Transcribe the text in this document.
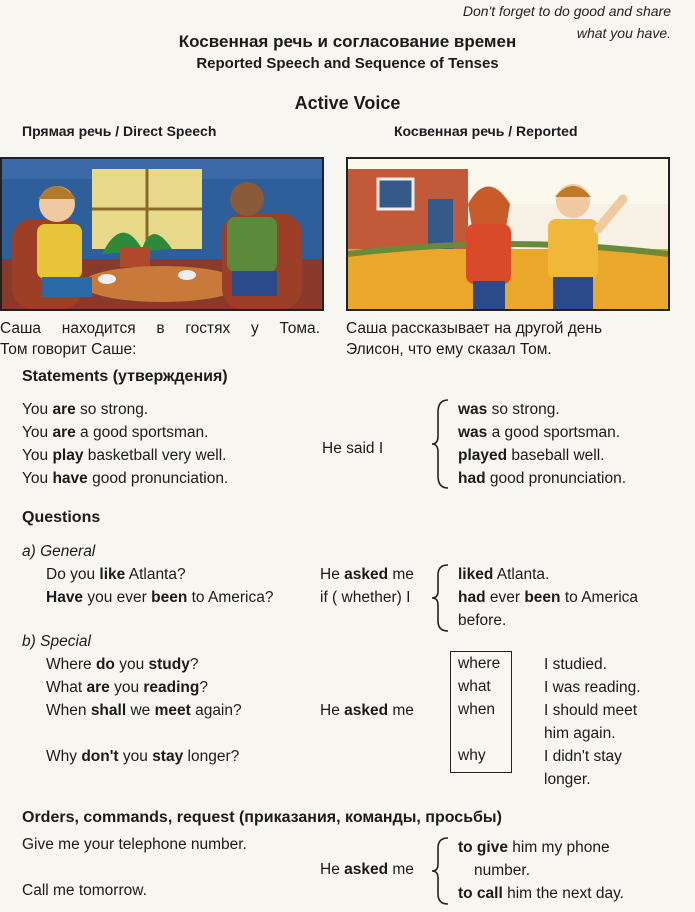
Don't forget to do good and share
what you have.
Косвенная речь и согласование времен
Reported Speech and Sequence of Tenses
Active Voice
Прямая речь / Direct Speech	Косвенная речь / Reported
Саша находится в гостях у Тома.
Том говорит Саше:
Саша рассказывает на другой день
Элисон, что ему сказал Том.
Statements (утверждения)
You are so strong.
You are a good sportsman.
You play basketball very well.
You have good pronunciation.
He said I
was so strong.
was a good sportsman.
played baseball well.
had good pronunciation.
Questions
a) General
Do you like Atlanta?
Have you ever been to America?
He asked me
if ( whether) I
liked Atlanta.
had ever been to America
before.
b) Special
Where do you study?
What are you reading?
When shall we meet again?
Why don't you stay longer?
He asked me
where
what
when
why
I studied.
I was reading.
I should meet
him again.
I didn't stay
longer.
Orders, commands, request (приказания, команды, просьбы)
Give me your telephone number.
Call me tomorrow.
He asked me
to give him my phone
number.
to call him the next day.
